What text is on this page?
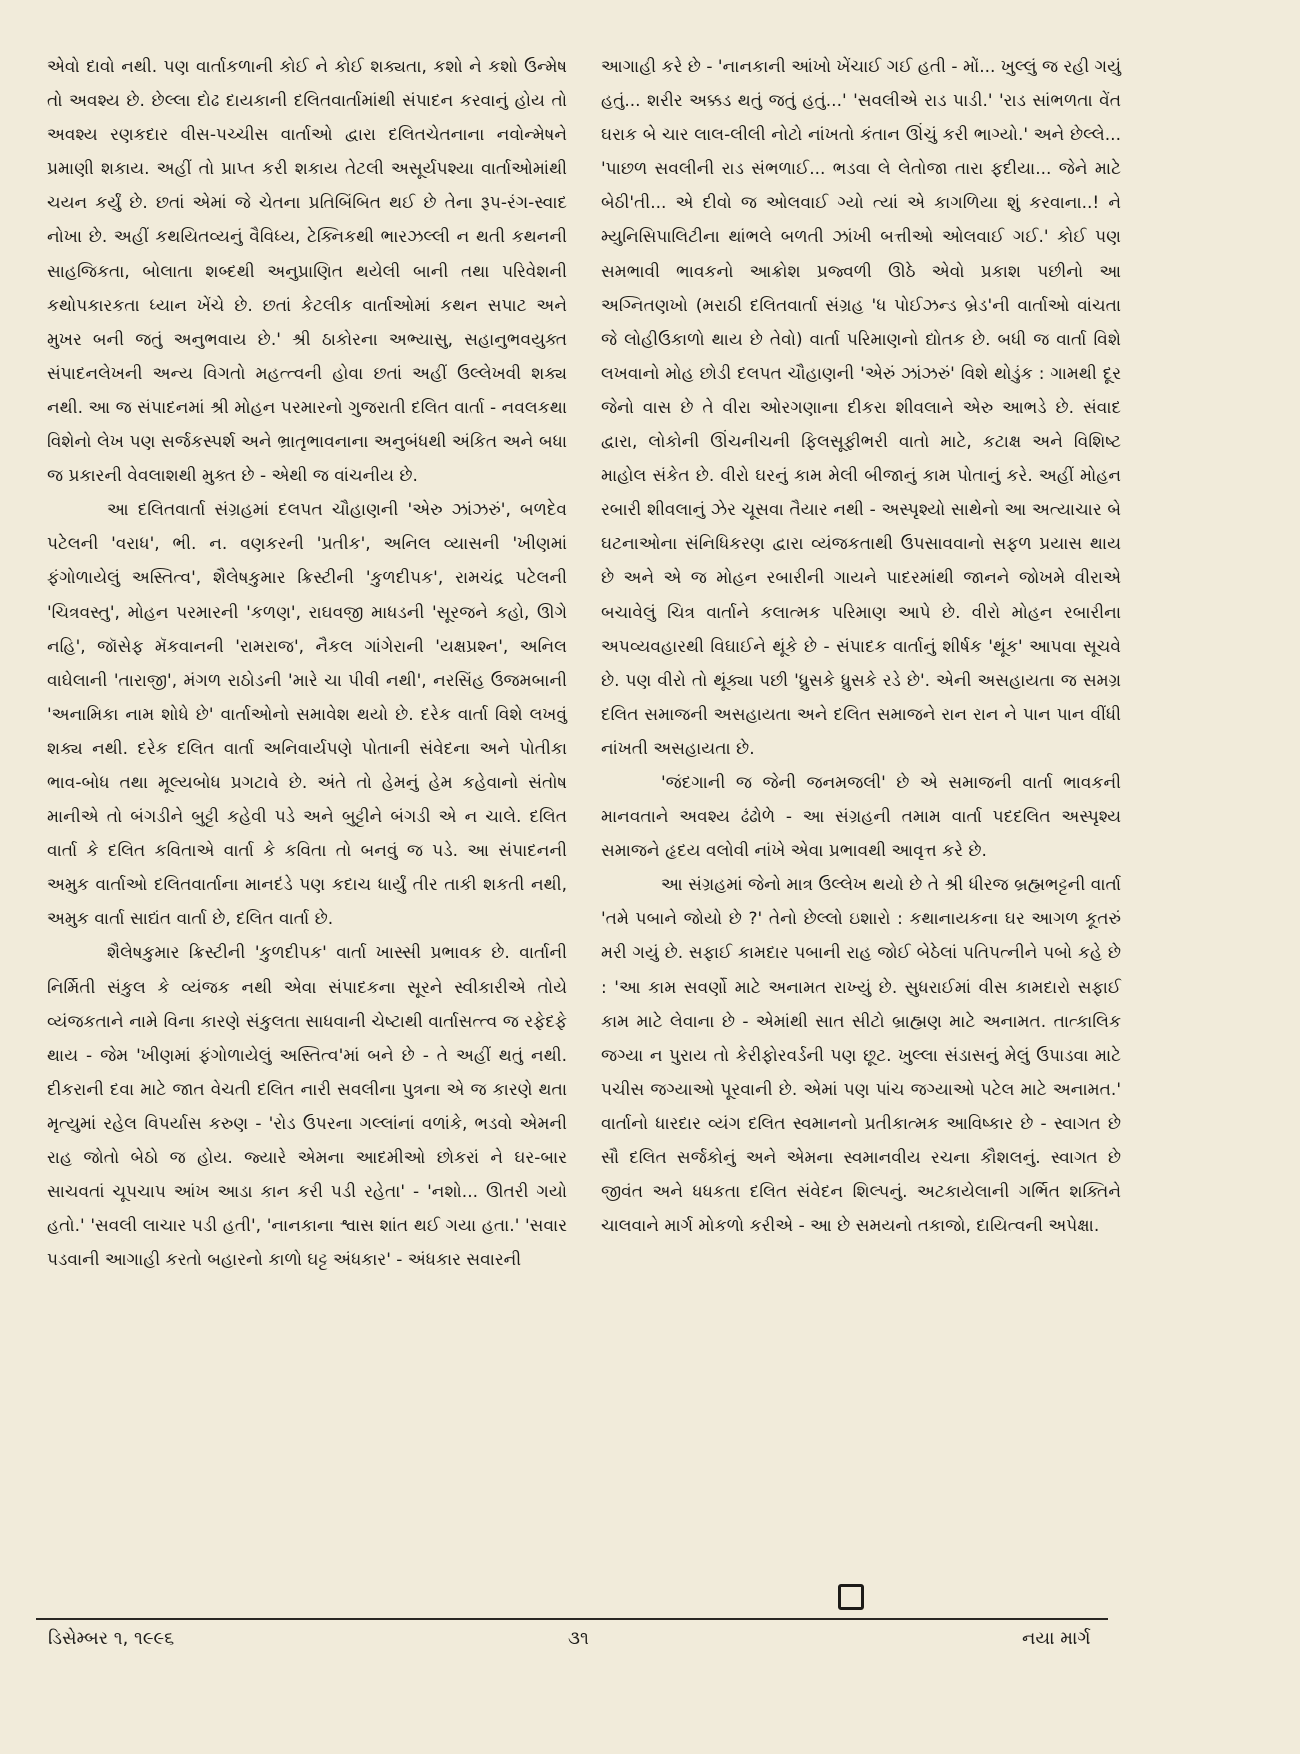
એવો દાવો નથી. પણ વાર્તાકળાની કોઈ ને કોઈ શક્યતા, કશો ને કશો ઉન્મેષ તો અવશ્ય છે. છેલ્લા દોઢ દાયકાની દલિતવાર્તામાંથી સંપાદન કરવાનું હોય તો અવશ્ય રણકદાર વીસ-પચ્ચીસ વાર્તાઓ દ્વારા દલિતચેતનાના નવોન્મેષને પ્રમાણી શકાય. અહીં તો પ્રાપ્ત કરી શકાય તેટલી અસૂર્યપશ્યા વાર્તાઓમાંથી ચયન કર્યું છે. છતાં એમાં જે ચેતના પ્રતિબિંબિત થઈ છે તેના રૂપ-રંગ-સ્વાદ નોખા છે. અહીં કથયિતવ્યનું વૈવિધ્ય, ટેક્નિકથી ભારઝલ્લી ન થતી કથનની સાહજિકતા, બોલાતા શબ્દથી અનુપ્રાણિત થયેલી બાની તથા પરિવેશની કથોપકારકતા ધ્યાન ખેંચે છે. છતાં કેટલીક વાર્તાઓમાં કથન સપાટ અને મુખર બની જતું અનુભવાય છે.' શ્રી ઠાકોરના અભ્યાસુ, સહાનુભવયુક્ત સંપાદનલેખની અન્ય વિગતો મહત્ત્વની હોવા છતાં અહીં ઉલ્લેખવી શક્ય નથી. આ જ સંપાદનમાં શ્રી મોહન પરમારનો ગુજરાતી દલિત વાર્તા - નવલકથા વિશેનો લેખ પણ સર્જકસ્પર્શ અને ભ્રાતૃભાવનાના અનુબંધથી અંકિત અને બધા જ પ્રકારની વેવલાશથી મુક્ત છે - એથી જ વાંચનીય છે.

આ દલિતવાર્તા સંગ્રહમાં દલપત ચૌહાણની 'એરુ ઝાંઝરું', બળદેવ પટેલની 'વરાધ', ભી. ન. વણકરની 'પ્રતીક', અનિલ વ્યાસની 'ખીણમાં ફંગોળાયેલું અસ્તિત્વ', શૈલેષકુમાર ક્રિસ્ટીની 'કુળદીપક', રામચંદ્ર પટેલની 'ચિત્રવસ્તુ', મોહન પરમારની 'કળણ', રાઘવજી માધડની 'સૂરજને કહો, ઊગે નહિ', જૉસેફ મૅકવાનની 'રામરાજ', નૈકલ ગાંગેરાની 'યક્ષપ્રશ્ન', અનિલ વાઘેલાની 'તારાજી', મંગળ રાઠોડની 'મારે ચા પીવી નથી', નરસિંહ ઉજમબાની 'અનામિકા નામ શોધે છે' વાર્તાઓનો સમાવેશ થયો છે. દરેક વાર્તા વિશે લખવું શક્ય નથી. દરેક દલિત વાર્તા અનિવાર્યપણે પોતાની સંવેદના અને પોતીકા ભાવ-બોધ તથા મૂલ્યબોધ પ્રગટાવે છે. અંતે તો હેમનું હેમ કહેવાનો સંતોષ માનીએ તો બંગડીને બુટ્ટી કહેવી પડે અને બુટ્ટીને બંગડી એ ન ચાલે. દલિત વાર્તા કે દલિત કવિતાએ વાર્તા કે કવિતા તો બનવું જ પડે. આ સંપાદનની અમુક વાર્તાઓ દલિતવાર્તાના માનદંડે પણ કદાચ ધાર્યું તીર તાકી શકતી નથી, અમુક વાર્તા સાદ્યંત વાર્તા છે, દલિત વાર્તા છે.

શૈલેષકુમાર ક્રિસ્ટીની 'કુળદીપક' વાર્તા ખાસ્સી પ્રભાવક છે. વાર્તાની નિર્મિતી સંકુલ કે વ્યંજક નથી એવા સંપાદકના સૂરને સ્વીકારીએ તોયે વ્યંજકતાને નામે વિના કારણે સંકુલતા સાધવાની ચેષ્ટાથી વાર્તાસત્ત્વ જ રફેદફે થાય - જેમ 'ખીણમાં ફંગોળાયેલું અસ્તિત્વ'માં બને છે - તે અહીં થતું નથી. દીકરાની દવા માટે જાત વેચતી દલિત નારી સવલીના પુત્રના એ જ કારણે થતા મૃત્યુમાં રહેલ વિપર્યાસ કરુણ - 'રોડ ઉપરના ગલ્લાંનાં વળાંકે, ભડવો એમની રાહ જોતો બેઠો જ હોય. જ્યારે એમના આદમીઓ છોકરાં ને ઘર-બાર સાચવતાં ચૂપચાપ આંખ આડા કાન કરી પડી રહેતા' - 'નશો... ઊતરી ગયો હતો.' 'સવલી લાચાર પડી હતી', 'નાનકાના શ્વાસ શાંત થઈ ગયા હતા.' 'સવાર પડવાની આગાહી કરતો બહારનો કાળો ઘટ્ટ અંધકાર' - અંધકાર સવારની

આગાહી કરે છે - 'નાનકાની આંખો ખેંચાઈ ગઈ હતી - મોં... ખુલ્લું જ રહી ગયું હતું... શરીર અક્કડ થતું જતું હતું...' 'સવલીએ રાડ પાડી.' 'રાડ સાંભળતા વેંત ઘરાક બે ચાર લાલ-લીલી નોટો નાંખતો કંતાન ઊંચું કરી ભાગ્યો.' અને છેલ્લે... 'પાછળ સવલીની રાડ સંભળાઈ... ભડવા લે લેતોજા તારા ફદીયા... જેને માટે બેઠી'તી... એ દીવો જ ઓલવાઈ ગ્યો ત્યાં એ કાગળિયા શું કરવાના..! ને મ્યુનિસિપાલિટીના થાંભલે બળતી ઝાંખી બત્તીઓ ઓલવાઈ ગઈ.' કોઈ પણ સમભાવી ભાવકનો આક્રોશ પ્રજ્વળી ઊઠે એવો પ્રકાશ પછીનો આ અગ્નિતણખો (મરાઠી દલિતવાર્તા સંગ્રહ 'ધ પોઈઝન્ડ બ્રેડ'ની વાર્તાઓ વાંચતા જે લોહીઉકાળો થાય છે તેવો) વાર્તા પરિમાણનો દ્યોતક છે. બધી જ વાર્તા વિશે લખવાનો મોહ છોડી દલપત ચૌહાણની 'એરું ઝાંઝરું' વિશે થોડુંક : ગામથી દૂર જેનો વાસ છે તે વીરા ઓરગણાના દીકરા શીવલાને એરુ આભડે છે. સંવાદ દ્વારા, લોકોની ઊંચનીચની ફિલસૂફીભરી વાતો માટે, કટાક્ષ અને વિશિષ્ટ માહોલ સંકેત છે. વીરો ઘરનું કામ મેલી બીજાનું કામ પોતાનું કરે. અહીં મોહન રબારી શીવલાનું ઝેર ચૂસવા તૈયાર નથી - અસ્પૃશ્યો સાથેનો આ અત્યાચાર બે ઘટનાઓના સંનિધિકરણ દ્વારા વ્યંજકતાથી ઉપસાવવાનો સફળ પ્રયાસ થાય છે અને એ જ મોહન રબારીની ગાયને પાદરમાંથી જાનને જોખમે વીરાએ બચાવેલું ચિત્ર વાર્તાને કલાત્મક પરિમાણ આપે છે. વીરો મોહન રબારીના અપવ્યવહારથી વિઘાઈને થૂંકે છે - સંપાદક વાર્તાનું શીર્ષક 'થૂંક' આપવા સૂચવે છે. પણ વીરો તો થૂંક્યા પછી 'ધ્રુસકે ધ્રુસકે રડે છે'. એની અસહાયતા જ સમગ્ર દલિત સમાજની અસહાયતા અને દલિત સમાજને રાન રાન ને પાન પાન વીંધી નાંખતી અસહાયતા છે.

'જંદગાની જ જેની જનમજલી' છે એ સમાજની વાર્તા ભાવકની માનવતાને અવશ્ય ઢંઢોળે - આ સંગ્રહની તમામ વાર્તા પદદલિત અસ્પૃશ્ય સમાજને હૃદય વલોવી નાંખે એવા પ્રભાવથી આવૃત્ત કરે છે.

આ સંગ્રહમાં જેનો માત્ર ઉલ્લેખ થયો છે તે શ્રી ધીરજ બ્રહ્મભટ્ટની વાર્તા 'તમે પબાને જોયો છે ?' તેનો છેલ્લો ઇશારો : કથાનાયકના ઘર આગળ કૂતરું મરી ગયું છે. સફાઈ કામદાર પબાની રાહ જોઈ બેઠેલાં પતિપત્નીને પબો કહે છે : 'આ કામ સવર્ણો માટે અનામત રાખ્યું છે. સુધરાઈમાં વીસ કામદારો સફાઈ કામ માટે લેવાના છે - એમાંથી સાત સીટો બ્રાહ્મણ માટે અનામત. તાત્કાલિક જગ્યા ન પુરાય તો કેરીફોરવર્ડની પણ છૂટ. ખુલ્લા સંડાસનું મેલું ઉપાડવા માટે પચીસ જગ્યાઓ પૂરવાની છે. એમાં પણ પાંચ જગ્યાઓ પટેલ માટે અનામત.' વાર્તાનો ધારદાર વ્યંગ દલિત સ્વમાનનો પ્રતીકાત્મક આવિષ્કાર છે - સ્વાગત છે સૌ દલિત સર્જકોનું અને એમના સ્વમાનવીય રચના કૌશલનું. સ્વાગત છે જીવંત અને ધધકતા દલિત સંવેદન શિલ્પનું. અટકાયેલાની ગર્ભિત શક્તિને ચાલવાને માર્ગ મોકળો કરીએ - આ છે સમયનો તકાજો, દાયિત્વની અપેક્ષા.

ડિસેમ્બર ૧, ૧૯૯૬	૩૧	નયા માર્ગ
